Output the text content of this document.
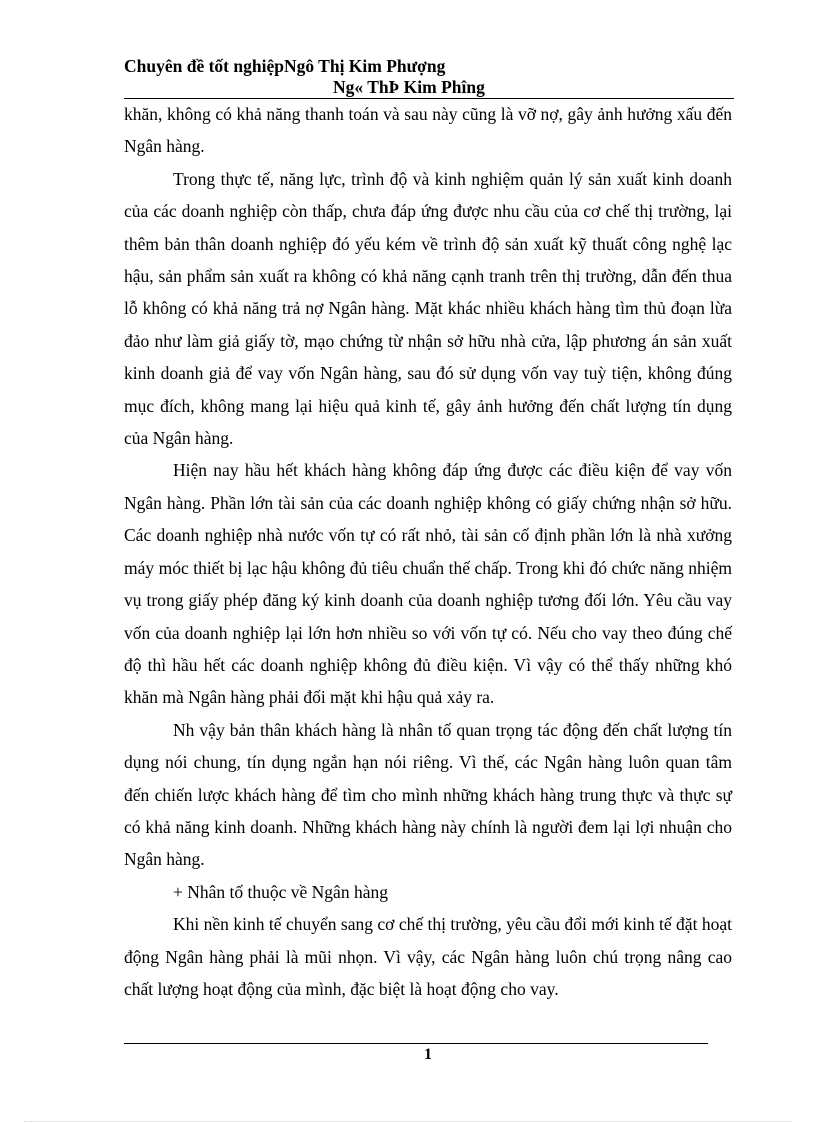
Chuyên đề tốt nghiệpNgô Thị Kim Phượng
Ng« ThÞ Kim Phîng

khăn, không có khả năng thanh toán và sau này cũng là vỡ nợ, gây ảnh hưởng xấu đến Ngân hàng.

Trong thực tế, năng lực, trình độ và kinh nghiệm quản lý sản xuất kinh doanh của các doanh nghiệp còn thấp, chưa đáp ứng được nhu cầu của cơ chế thị trường, lại thêm bản thân doanh nghiệp đó yếu kém về trình độ sản xuất kỹ thuất công nghệ lạc hậu, sản phẩm sản xuất ra không có khả năng cạnh tranh trên thị trường, dẫn đến thua lỗ không có khả năng trả nợ Ngân hàng. Mặt khác nhiều khách hàng tìm thủ đoạn lừa đảo như làm giả giấy tờ, mạo chứng từ nhận sở hữu nhà cửa, lập phương án sản xuất kinh doanh giả để vay vốn Ngân hàng, sau đó sử dụng vốn vay tuỳ tiện, không đúng mục đích, không mang lại hiệu quả kinh tế, gây ảnh hưởng đến chất lượng tín dụng của Ngân hàng.

Hiện nay hầu hết khách hàng không đáp ứng được các điều kiện để vay vốn Ngân hàng. Phần lớn tài sản của các doanh nghiệp không có giấy chứng nhận sở hữu. Các doanh nghiệp nhà nước vốn tự có rất nhỏ, tài sản cố định phần lớn là nhà xưởng máy móc thiết bị lạc hậu không đủ tiêu chuẩn thế chấp. Trong khi đó chức năng nhiệm vụ trong giấy phép đăng ký kinh doanh của doanh nghiệp tương đối lớn. Yêu cầu vay vốn của doanh nghiệp lại lớn hơn nhiều so với vốn tự có. Nếu cho vay theo đúng chế độ thì hầu hết các doanh nghiệp không đủ điều kiện. Vì vậy có thể thấy những khó khăn mà Ngân hàng phải đối mặt khi hậu quả xảy ra.

Nh vậy bản thân khách hàng là nhân tố quan trọng tác động đến chất lượng tín dụng nói chung, tín dụng ngắn hạn nói riêng. Vì thế, các Ngân hàng luôn quan tâm đến chiến lược khách hàng để tìm cho mình những khách hàng trung thực và thực sự có khả năng kinh doanh. Những khách hàng này chính là người đem lại lợi nhuận cho Ngân hàng.

+ Nhân tố thuộc về Ngân hàng

Khi nền kinh tế chuyển sang cơ chế thị trường, yêu cầu đổi mới kinh tế đặt hoạt động Ngân hàng phải là mũi nhọn. Vì vậy, các Ngân hàng luôn chú trọng nâng cao chất lượng hoạt động của mình, đặc biệt là hoạt động cho vay.

1
